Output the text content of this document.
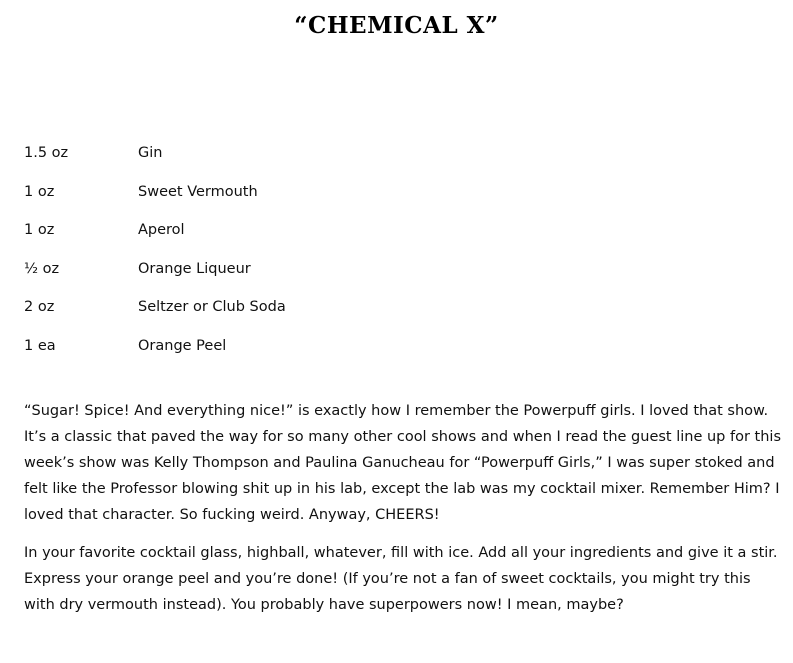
“CHEMICAL X”
1.5 oz	Gin
1 oz	Sweet Vermouth
1 oz	Aperol
½ oz	Orange Liqueur
2 oz	Seltzer or Club Soda
1 ea	Orange Peel

“Sugar! Spice! And everything nice!” is exactly how I remember the Powerpuff girls. I loved that show. It’s a classic that paved the way for so many other cool shows and when I read the guest line up for this week’s show was Kelly Thompson and Paulina Ganucheau for “Powerpuff Girls,” I was super stoked and felt like the Professor blowing shit up in his lab, except the lab was my cocktail mixer. Remember Him? I loved that character. So fucking weird. Anyway, CHEERS!

In your favorite cocktail glass, highball, whatever, fill with ice. Add all your ingredients and give it a stir. Express your orange peel and you’re done! (If you’re not a fan of sweet cocktails, you might try this with dry vermouth instead). You probably have superpowers now! I mean, maybe?
